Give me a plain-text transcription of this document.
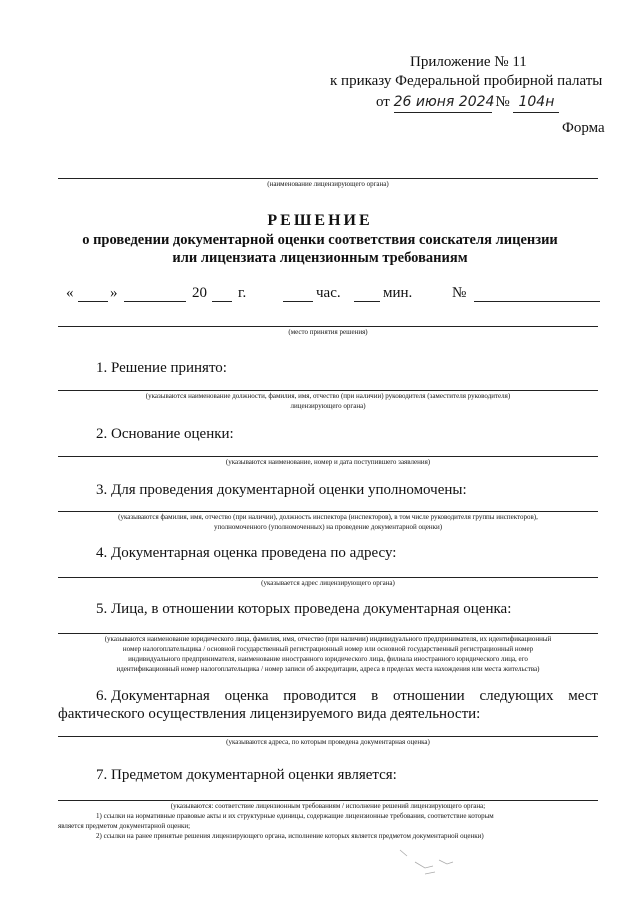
Приложение № 11
к приказу Федеральной пробирной палаты
от 26 июня 2024 № 104н
Форма
(наименование лицензирующего органа)
РЕШЕНИЕ
о проведении документарной оценки соответствия соискателя лицензии
или лицензиата лицензионным требованиям
« »	20 г.	час.	мин.	№
(место принятия решения)
1. Решение принято:
(указываются наименование должности, фамилия, имя, отчество (при наличии) руководителя (заместителя руководителя)
лицензирующего органа)
2. Основание оценки:
(указываются наименование, номер и дата поступившего заявления)
3. Для проведения документарной оценки уполномочены:
(указываются фамилия, имя, отчество (при наличии), должность инспектора (инспекторов), в том числе руководителя группы инспекторов),
уполномоченного (уполномоченных) на проведение документарной оценки)
4. Документарная оценка проведена по адресу:
(указывается адрес лицензирующего органа)
5. Лица, в отношении которых проведена документарная оценка:
(указываются наименование юридического лица, фамилия, имя, отчество (при наличии) индивидуального предпринимателя, их идентификационный
номер налогоплательщика / основной государственный регистрационный номер или основной государственный регистрационный номер
индивидуального предпринимателя, наименование иностранного юридического лица, филиала иностранного юридического лица, его
идентификационный номер налогоплательщика / номер записи об аккредитации, адреса в пределах места нахождения или места жительства)
6. Документарная оценка проводится в отношении следующих мест
фактического осуществления лицензируемого вида деятельности:
(указываются адреса, по которым проведена документарная оценка)
7. Предметом документарной оценки является:
(указываются: соответствие лицензионным требованиям / исполнение решений лицензирующего органа;
1) ссылки на нормативные правовые акты и их структурные единицы, содержащие лицензионные требования, соответствие которым
является предметом документарной оценки;
2) ссылки на ранее принятые решения лицензирующего органа, исполнение которых является предметом документарной оценки)
